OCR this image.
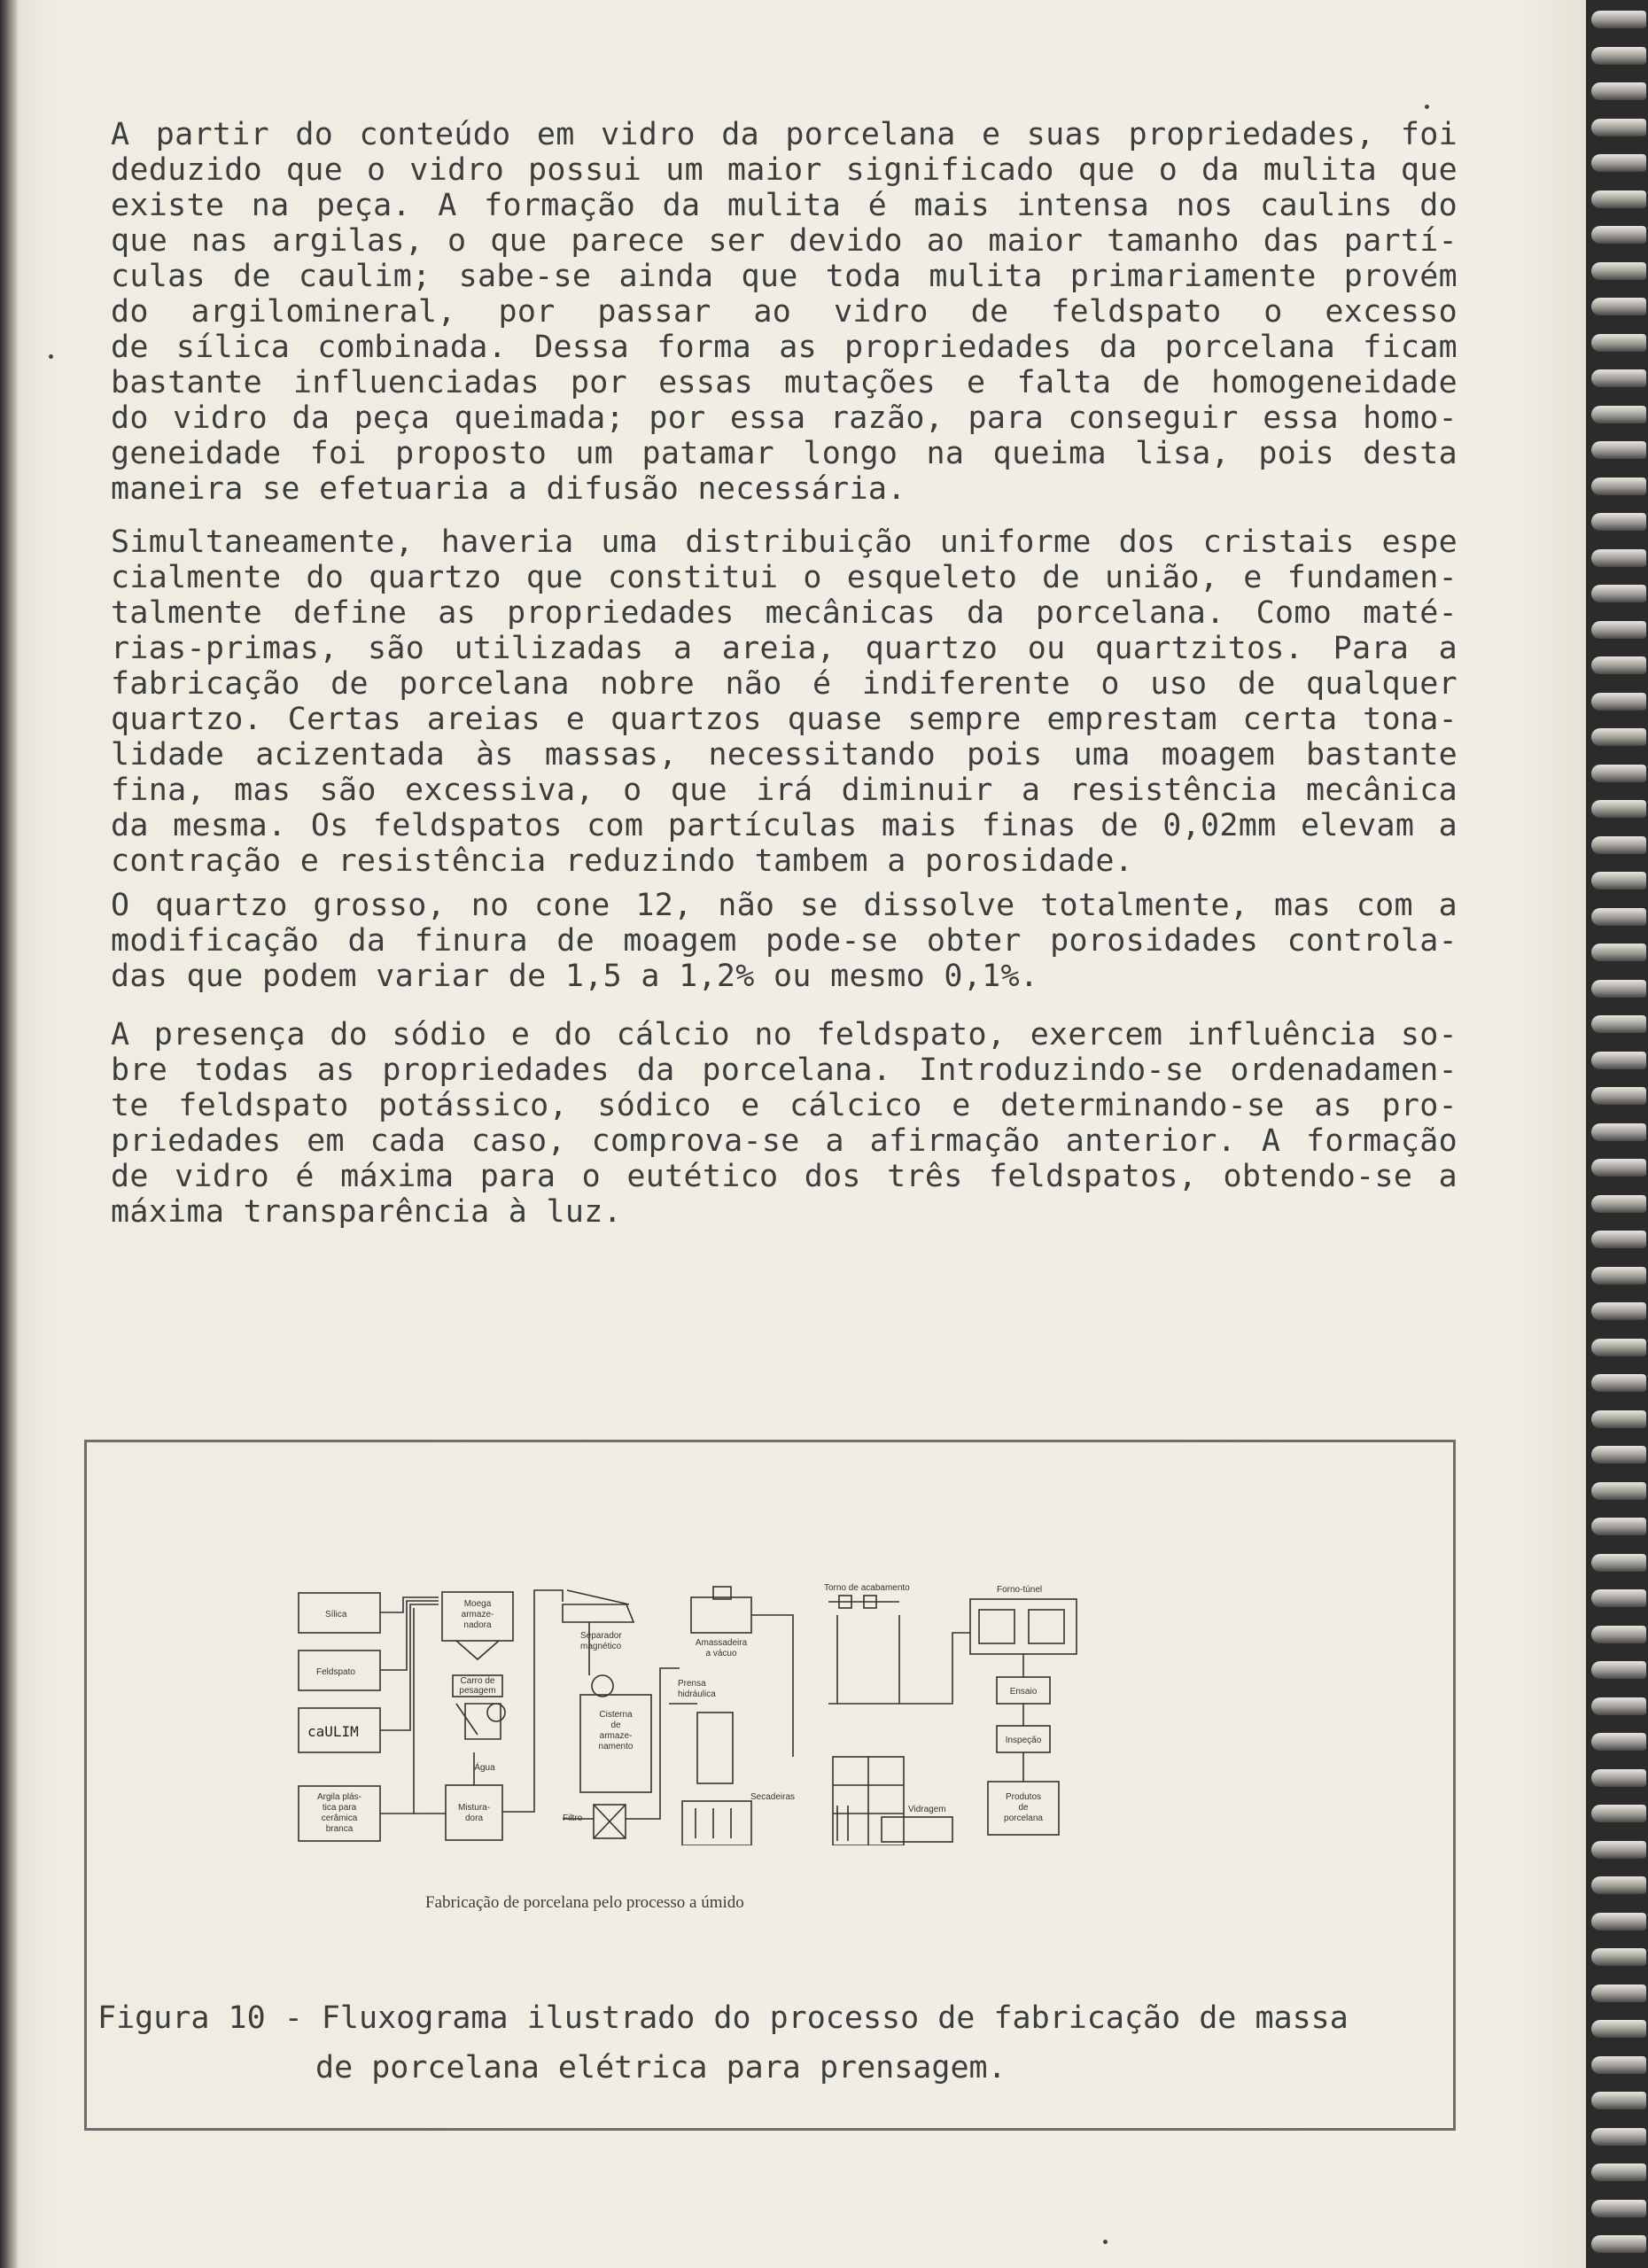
A partir do conteúdo em vidro da porcelana e suas propriedades, foi
deduzido que o vidro possui um maior significado que o da mulita que
existe na peça. A formação da mulita é mais intensa nos caulins do
que nas argilas, o que parece ser devido ao maior tamanho das partí-
culas de caulim; sabe-se ainda que toda mulita primariamente provém
do argilomineral, por passar ao vidro de feldspato o excesso
de sílica combinada. Dessa forma as propriedades da porcelana ficam
bastante influenciadas por essas mutações e falta de homogeneidade
do vidro da peça queimada; por essa razão, para conseguir essa homo-
geneidade foi proposto um patamar longo na queima lisa, pois desta
maneira se efetuaria a difusão necessária.
Simultaneamente, haveria uma distribuição uniforme dos cristais espe
cialmente do quartzo que constitui o esqueleto de união, e fundamen-
talmente define as propriedades mecânicas da porcelana. Como maté-
rias-primas, são utilizadas a areia, quartzo ou quartzitos. Para a
fabricação de porcelana nobre não é indiferente o uso de qualquer
quartzo. Certas areias e quartzos quase sempre emprestam certa tona-
lidade acizentada às massas, necessitando pois uma moagem bastante
fina, mas são excessiva, o que irá diminuir a resistência mecânica
da mesma. Os feldspatos com partículas mais finas de 0,02mm elevam a
contração e resistência reduzindo tambem a porosidade.
O quartzo grosso, no cone 12, não se dissolve totalmente, mas com a
modificação da finura de moagem pode-se obter porosidades controla-
das que podem variar de 1,5 a 1,2% ou mesmo 0,1%.
A presença do sódio e do cálcio no feldspato, exercem influência so-
bre todas as propriedades da porcelana. Introduzindo-se ordenadamen-
te feldspato potássico, sódico e cálcico e determinando-se as pro-
priedades em cada caso, comprova-se a afirmação anterior. A formação
de vidro é máxima para o eutético dos três feldspatos, obtendo-se a
máxima transparência à luz.
Sílica
Feldspato
caULIM
Argila plás-
tica para
cerâmica
branca
Moega
armaze-
nadora
Carro de
pesagem
Água
Mistura-
dora
Separador
magnético
Cisterna
de
armaze-
namento
Filtro
Amassadeira
a vácuo
Prensa
hidráulica
Secadeiras
Torno de acabamento	Forno-túnel
Vidragem
Ensaio
Inspeção
Produtos
de
porcelana
Fabricação de porcelana pelo processo a úmido
Figura 10 - Fluxograma ilustrado do processo de fabricação de massa
de porcelana elétrica para prensagem.
